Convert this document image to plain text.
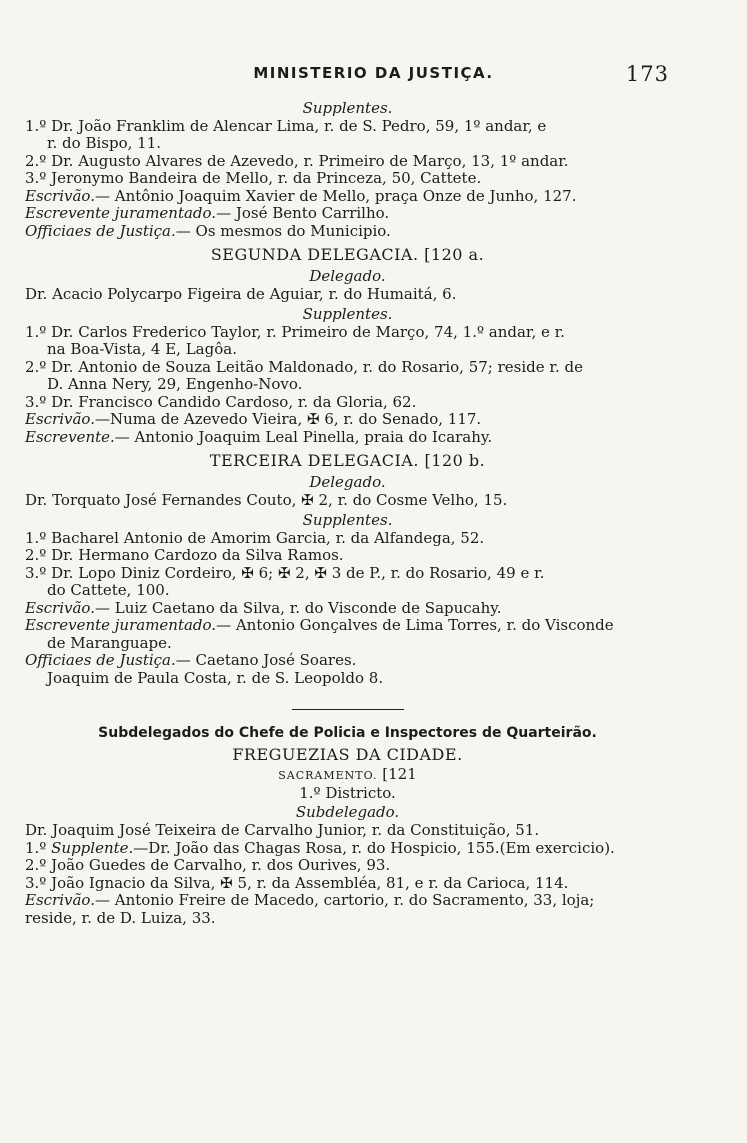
MINISTERIO DA JUSTIÇA.	173
Supplentes.
1.º Dr. João Franklim de Alencar Lima, r. de S. Pedro, 59, 1º andar, e
r. do Bispo, 11.
2.º Dr. Augusto Alvares de Azevedo, r. Primeiro de Março, 13, 1º andar.
3.º Jeronymo Bandeira de Mello, r. da Princeza, 50, Cattete.
Escrivão.— Antônio Joaquim Xavier de Mello, praça Onze de Junho, 127.
Escrevente juramentado.— José Bento Carrilho.
Officiaes de Justiça.— Os mesmos do Municipio.
SEGUNDA DELEGACIA. [120 a.
Delegado.
Dr. Acacio Polycarpo Figeira de Aguiar, r. do Humaitá, 6.
Supplentes.
1.º Dr. Carlos Frederico Taylor, r. Primeiro de Março, 74, 1.º andar, e r.
na Boa-Vista, 4 E, Lagôa.
2.º Dr. Antonio de Souza Leitão Maldonado, r. do Rosario, 57; reside r. de
D. Anna Nery, 29, Engenho-Novo.
3.º Dr. Francisco Candido Cardoso, r. da Gloria, 62.
Escrivão.—Numa de Azevedo Vieira, ✠ 6, r. do Senado, 117.
Escrevente.— Antonio Joaquim Leal Pinella, praia do Icarahy.
TERCEIRA DELEGACIA. [120 b.
Delegado.
Dr. Torquato José Fernandes Couto, ✠ 2, r. do Cosme Velho, 15.
Supplentes.
1.º Bacharel Antonio de Amorim Garcia, r. da Alfandega, 52.
2.º Dr. Hermano Cardozo da Silva Ramos.
3.º Dr. Lopo Diniz Cordeiro, ✠ 6; ✠ 2, ✠ 3 de P., r. do Rosario, 49 e r.
do Cattete, 100.
Escrivão.— Luiz Caetano da Silva, r. do Visconde de Sapucahy.
Escrevente juramentado.— Antonio Gonçalves de Lima Torres, r. do Visconde
de Maranguape.
Officiaes de Justiça.— Caetano José Soares.
Joaquim de Paula Costa, r. de S. Leopoldo 8.
Subdelegados do Chefe de Policia e Inspectores de Quarteirão.
FREGUEZIAS DA CIDADE.
SACRAMENTO. [121
1.º Districto.
Subdelegado.
Dr. Joaquim José Teixeira de Carvalho Junior, r. da Constituição, 51.
1.º Supplente.—Dr. João das Chagas Rosa, r. do Hospicio, 155.(Em exercicio).
2.º João Guedes de Carvalho, r. dos Ourives, 93.
3.º João Ignacio da Silva, ✠ 5, r. da Assembléa, 81, e r. da Carioca, 114.
Escrivão.— Antonio Freire de Macedo, cartorio, r. do Sacramento, 33, loja;
reside, r. de D. Luiza, 33.
